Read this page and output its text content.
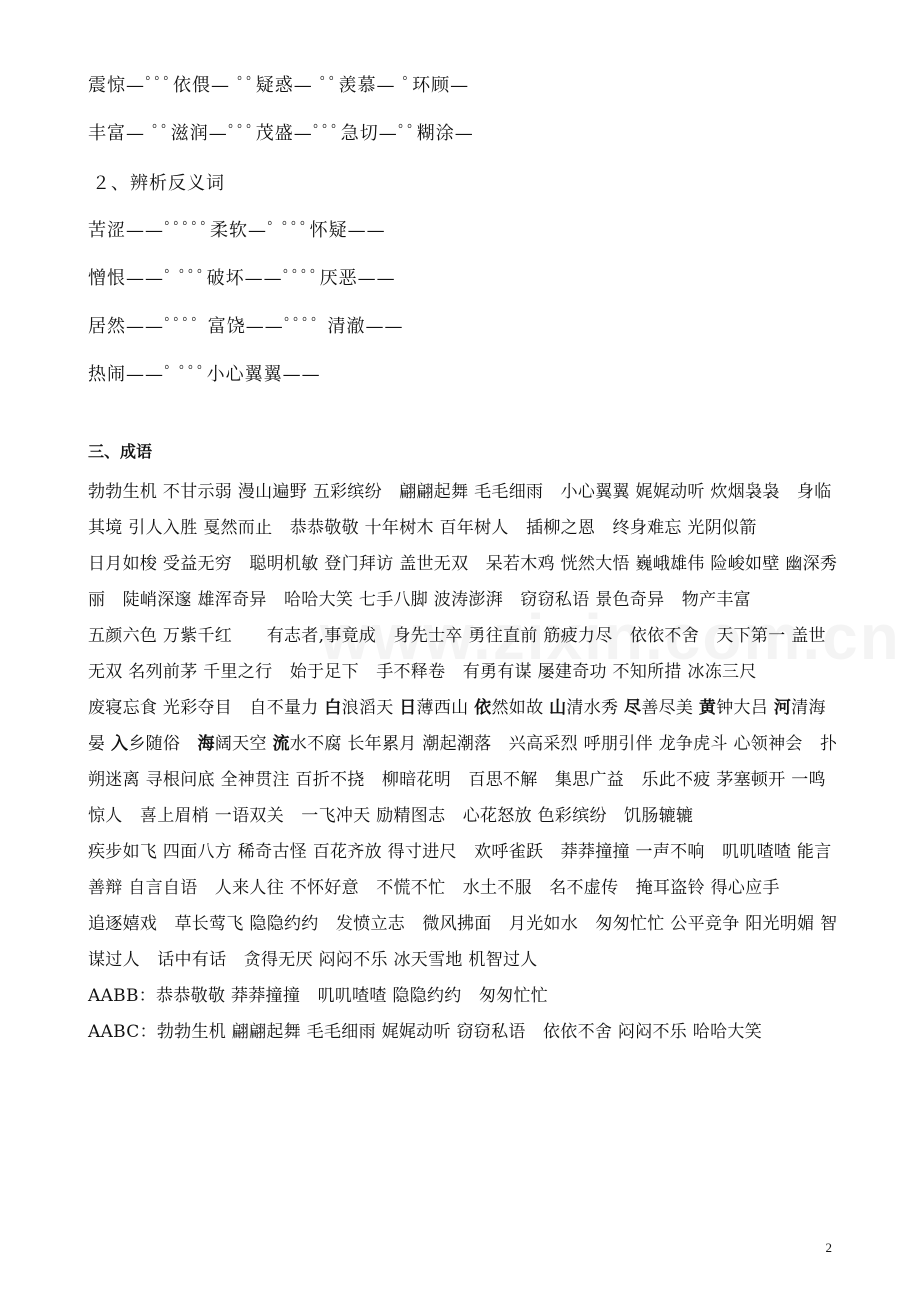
震惊—ﾟﾟﾟ依偎— ﾟﾟ疑惑— ﾟﾟ羡慕— ﾟ环顾—
丰富— ﾟﾟ滋润—ﾟﾟﾟ茂盛—ﾟﾟﾟ急切—ﾟﾟ糊涂—
２、辨析反义词
苦涩——ﾟﾟﾟﾟﾟ柔软—ﾟ ﾟﾟﾟ怀疑——
憎恨——ﾟ ﾟﾟﾟ破坏——ﾟﾟﾟﾟ厌恶——
居然——ﾟﾟﾟﾟ 富饶——ﾟﾟﾟﾟ 清澈——
热闹——ﾟ ﾟﾟﾟ小心翼翼——
三、成语

勃勃生机 不甘示弱 漫山遍野 五彩缤纷　翩翩起舞 毛毛细雨　小心翼翼 娓娓动听 炊烟袅袅　身临其境 引人入胜 戛然而止　恭恭敬敬 十年树木 百年树人　插柳之恩　终身难忘 光阴似箭

日月如梭 受益无穷　聪明机敏 登门拜访 盖世无双　呆若木鸡 恍然大悟 巍峨雄伟 险峻如壁 幽深秀丽　陡峭深邃 雄浑奇异　哈哈大笑 七手八脚 波涛澎湃　窃窃私语 景色奇异　物产丰富

五颜六色 万紫千红　　有志者,事竟成　身先士卒 勇往直前 筋疲力尽　依依不舍　天下第一 盖世无双 名列前茅 千里之行　始于足下　手不释卷　有勇有谋 屡建奇功 不知所措 冰冻三尺

废寝忘食 光彩夺目　自不量力 白浪滔天 日薄西山 依然如故 山清水秀 尽善尽美 黄钟大吕 河清海晏 入乡随俗　海阔天空 流水不腐 长年累月 潮起潮落　兴高采烈 呼朋引伴 龙争虎斗 心领神会　扑朔迷离 寻根问底 全神贯注 百折不挠　柳暗花明　百思不解　集思广益　乐此不疲 茅塞顿开 一鸣惊人　喜上眉梢 一语双关　一飞冲天 励精图志　心花怒放 色彩缤纷　饥肠辘辘

疾步如飞 四面八方 稀奇古怪 百花齐放 得寸进尺　欢呼雀跃　莽莽撞撞 一声不响　叽叽喳喳 能言善辩 自言自语　人来人往 不怀好意　不慌不忙　水土不服　名不虚传　掩耳盗铃 得心应手

追逐嬉戏　草长莺飞 隐隐约约　发愤立志　微风拂面　月光如水　匆匆忙忙 公平竞争 阳光明媚 智谋过人　话中有话　贪得无厌 闷闷不乐 冰天雪地 机智过人

AABB：恭恭敬敬 莽莽撞撞　叽叽喳喳 隐隐约约　匆匆忙忙

AABC：勃勃生机 翩翩起舞 毛毛细雨 娓娓动听 窃窃私语　依依不舍 闷闷不乐 哈哈大笑

2
